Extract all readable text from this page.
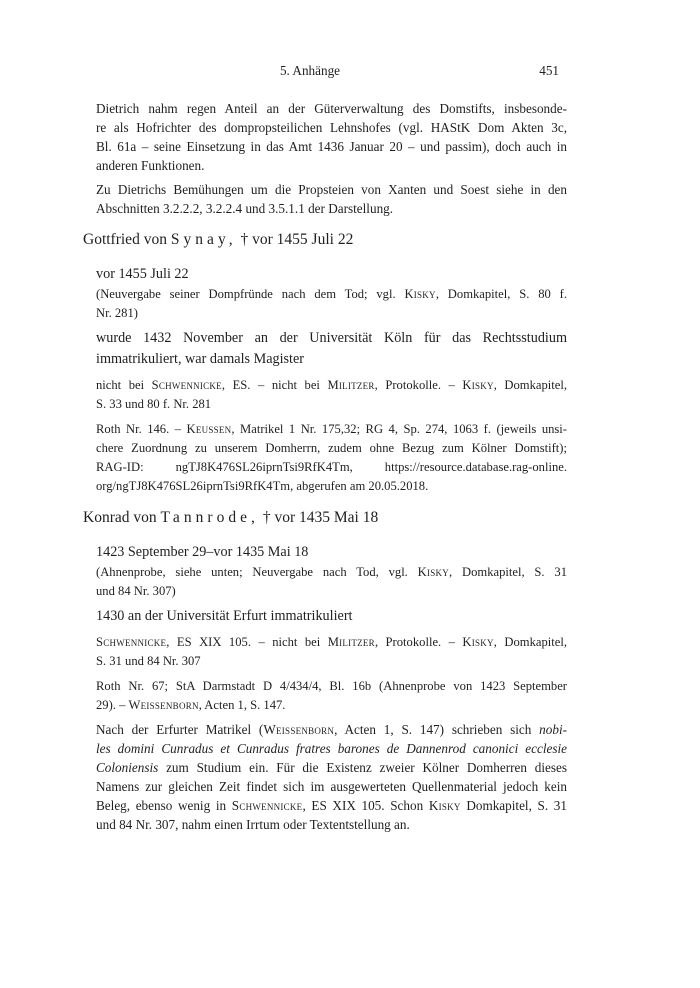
5. Anhänge	451
Dietrich nahm regen Anteil an der Güterverwaltung des Domstifts, insbesonde-
re als Hofrichter des dompropsteilichen Lehnshofes (vgl. HAStK Dom Akten 3c,
Bl. 61a – seine Einsetzung in das Amt 1436 Januar 20 – und passim), doch auch in
anderen Funktionen.
Zu Dietrichs Bemühungen um die Propsteien von Xanten und Soest siehe in den
Abschnitten 3.2.2.2, 3.2.2.4 und 3.5.1.1 der Darstellung.
Gottfried von Synay, † vor 1455 Juli 22
vor 1455 Juli 22
(Neuvergabe seiner Dompfründe nach dem Tod; vgl. Kisky, Domkapitel, S. 80 f.
Nr. 281)
wurde 1432 November an der Universität Köln für das Rechtsstudium
immatrikuliert, war damals Magister
nicht bei Schwennicke, ES. – nicht bei Militzer, Protokolle. – Kisky, Domkapitel,
S. 33 und 80 f. Nr. 281
Roth Nr. 146. – Keussen, Matrikel 1 Nr. 175,32; RG 4, Sp. 274, 1063 f. (jeweils unsi-
chere Zuordnung zu unserem Domherrn, zudem ohne Bezug zum Kölner Domstift);
RAG-ID: ngTJ8K476SL26iprnTsi9RfK4Tm, https://resource.database.rag-online.
org/ngTJ8K476SL26iprnTsi9RfK4Tm, abgerufen am 20.05.2018.
Konrad von Tannrode, † vor 1435 Mai 18
1423 September 29–vor 1435 Mai 18
(Ahnenprobe, siehe unten; Neuvergabe nach Tod, vgl. Kisky, Domkapitel, S. 31
und 84 Nr. 307)
1430 an der Universität Erfurt immatrikuliert
Schwennicke, ES XIX 105. – nicht bei Militzer, Protokolle. – Kisky, Domkapitel,
S. 31 und 84 Nr. 307
Roth Nr. 67; StA Darmstadt D 4/434/4, Bl. 16b (Ahnenprobe von 1423 September
29). – Weissenborn, Acten 1, S. 147.
Nach der Erfurter Matrikel (Weissenborn, Acten 1, S. 147) schrieben sich nobi-
les domini Cunradus et Cunradus fratres barones de Dannenrod canonici ecclesie
Coloniensis zum Studium ein. Für die Existenz zweier Kölner Domherren dieses
Namens zur gleichen Zeit findet sich im ausgewerteten Quellenmaterial jedoch kein
Beleg, ebenso wenig in Schwennicke, ES XIX 105. Schon Kisky Domkapitel, S. 31
und 84 Nr. 307, nahm einen Irrtum oder Textentstellung an.
